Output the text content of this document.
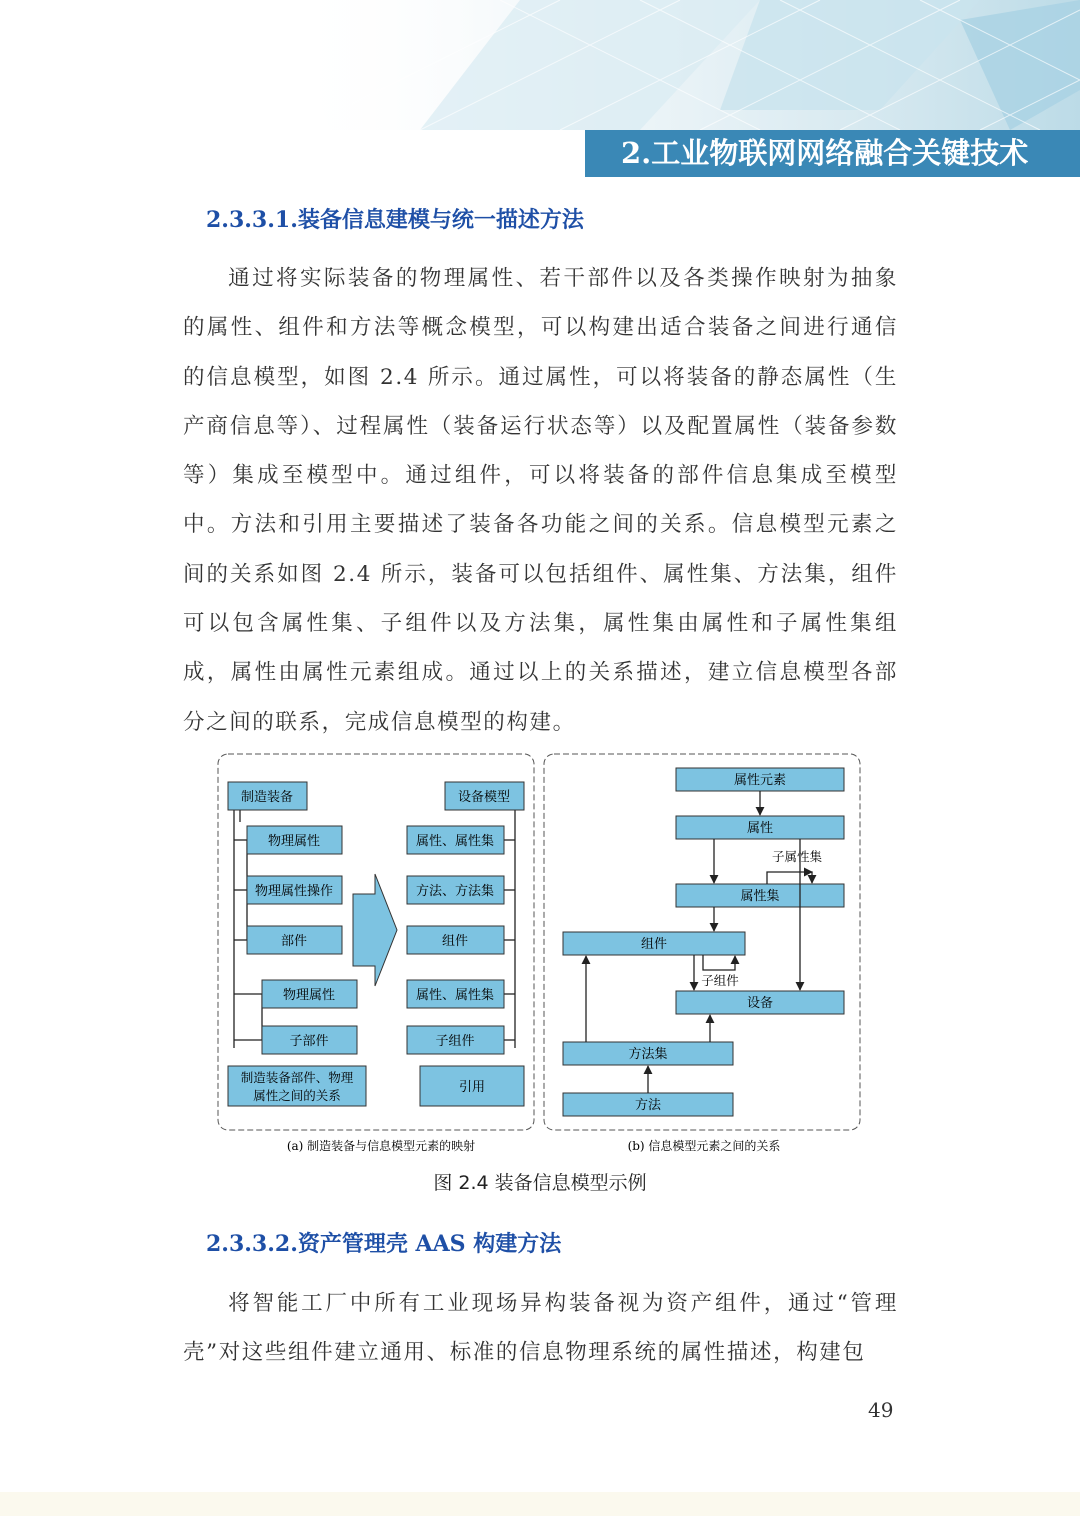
2.工业物联网网络融合关键技术
2.3.3.1.装备信息建模与统一描述方法

通过将实际装备的物理属性、若干部件以及各类操作映射为抽象的属性、组件和方法等概念模型，可以构建出适合装备之间进行通信的信息模型，如图 2.4 所示。通过属性，可以将装备的静态属性（生产商信息等）、过程属性（装备运行状态等）以及配置属性（装备参数等）集成至模型中。通过组件，可以将装备的部件信息集成至模型中。方法和引用主要描述了装备各功能之间的关系。信息模型元素之间的关系如图 2.4 所示，装备可以包括组件、属性集、方法集，组件可以包含属性集、子组件以及方法集，属性集由属性和子属性集组成，属性由属性元素组成。通过以上的关系描述，建立信息模型各部分之间的联系，完成信息模型的构建。

制造装备
物理属性
物理属性操作
部件
物理属性
子部件
制造装备部件、物理
属性之间的关系
设备模型
属性、属性集
方法、方法集
组件
属性、属性集
子组件
引用
属性元素
属性
子属性集
属性集
组件
子组件
设备
方法集
方法
(a) 制造装备与信息模型元素的映射	(b) 信息模型元素之间的关系
图 2.4 装备信息模型示例
2.3.3.2.资产管理壳 AAS 构建方法

将智能工厂中所有工业现场异构装备视为资产组件，通过“管理壳”对这些组件建立通用、标准的信息物理系统的属性描述，构建包

49
